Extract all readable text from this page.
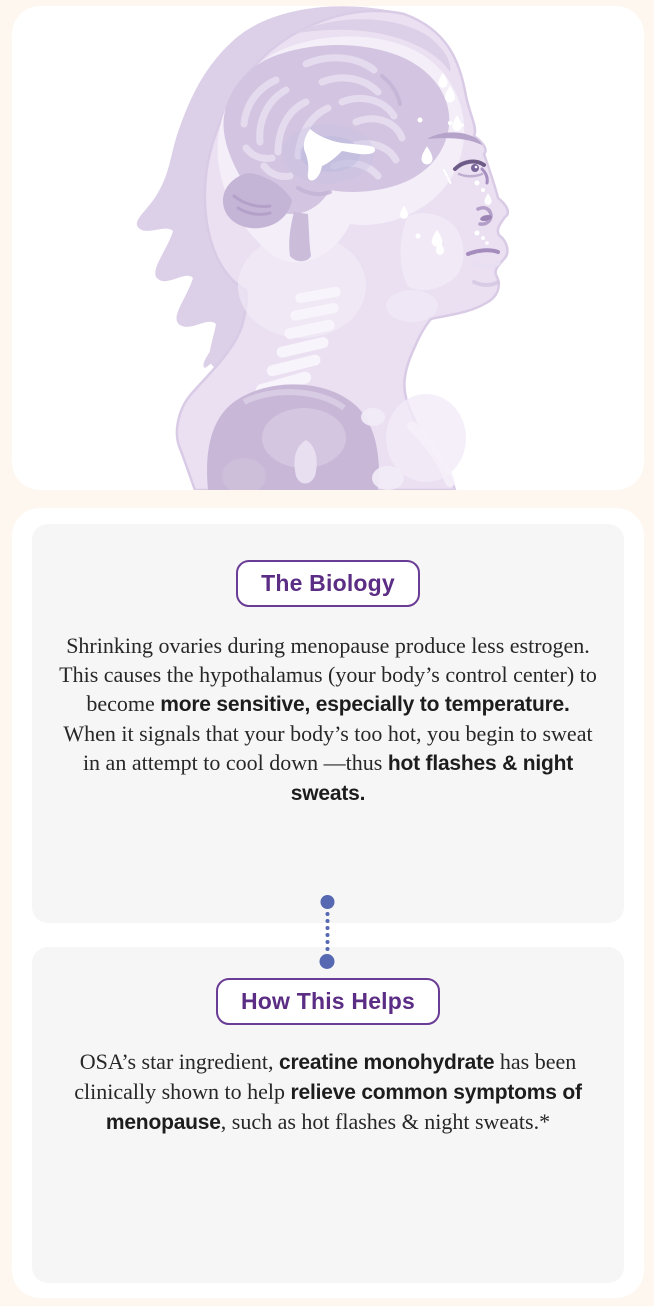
The Biology

Shrinking ovaries during menopause produce less estrogen. This causes the hypothalamus (your body’s control center) to become more sensitive, especially to temperature. When it signals that your body’s too hot, you begin to sweat in an attempt to cool down —thus hot flashes & night sweats.

How This Helps

OSA’s star ingredient, creatine monohydrate has been clinically shown to help relieve common symptoms of menopause, such as hot flashes & night sweats.*
